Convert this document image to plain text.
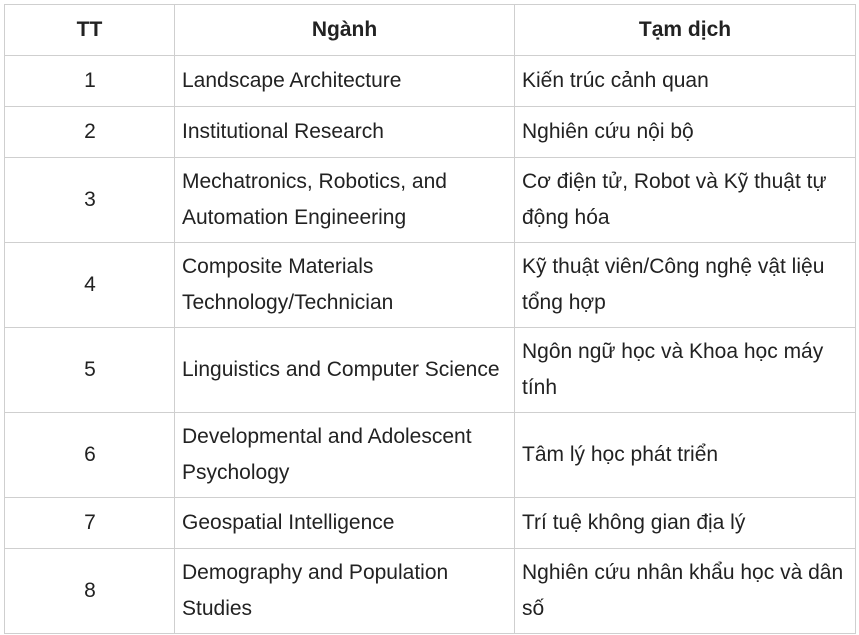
TT	Ngành	Tạm dịch
1	Landscape Architecture	Kiến trúc cảnh quan
2	Institutional Research	Nghiên cứu nội bộ
3	Mechatronics, Robotics, and Automation Engineering	Cơ điện tử, Robot và Kỹ thuật tự động hóa
4	Composite Materials Technology/Technician	Kỹ thuật viên/Công nghệ vật liệu tổng hợp
5	Linguistics and Computer Science	Ngôn ngữ học và Khoa học máy tính
6	Developmental and Adolescent Psychology	Tâm lý học phát triển
7	Geospatial Intelligence	Trí tuệ không gian địa lý
8	Demography and Population Studies	Nghiên cứu nhân khẩu học và dân số
